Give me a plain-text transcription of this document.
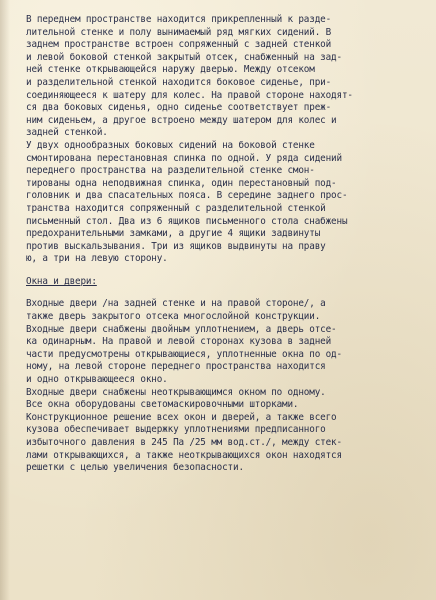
В переднем пространстве находится прикрепленный к разде-
лительной стенке и полу вынимаемый ряд мягких сидений. В
заднем пространстве встроен сопряженный с задней стенкой
и левой боковой стенкой закрытый отсек, снабженный на зад-
ней стенке открывающейся наружу дверью. Между отсеком
и разделительной стенкой находится боковое сиденье, при-
соединяющееся к шатеру для колес. На правой стороне находят-
ся два боковых сиденья, одно сиденье соответствует преж-
ним сиденьем, а другое встроено между шатером для колес и
задней стенкой.
У двух однообразных боковых сидений на боковой стенке
смонтирована перестановная спинка по одной. У ряда сидений
переднего пространства на разделительной стенке смон-
тированы одна неподвижная спинка, один перестановный под-
головник и два спасательных пояса. В середине заднего прос-
транства находится сопряженный с разделительной стенкой
письменный стол. Два из 6 ящиков письменного стола снабжены
предохранительными замками, а другие 4 ящики задвинуты
против выскальзывания. Три из ящиков выдвинуты на праву
ю, а три на левую сторону.
Окна и двери:
Входные двери /на задней стенке и на правой стороне/, а
также дверь закрытого отсека многослойной конструкции.
Входные двери снабжены двойным уплотнением, а дверь отсе-
ка одинарным. На правой и левой сторонах кузова в задней
части предусмотрены открывающиеся, уплотненные окна по од-
ному, на левой стороне переднего пространства находится
и одно открывающееся окно.
Входные двери снабжены неоткрывающимся окном по одному.
Все окна оборудованы светомаскировочными шторками.
Конструкционное решение всех окон и дверей, а также всего
кузова обеспечивает выдержку уплотнениями предписанного
избыточного давления в 245 Па /25 мм вод.ст./, между стек-
лами открывающихся, а также неоткрывающихся окон находятся
решетки с целью увеличения безопасности.
